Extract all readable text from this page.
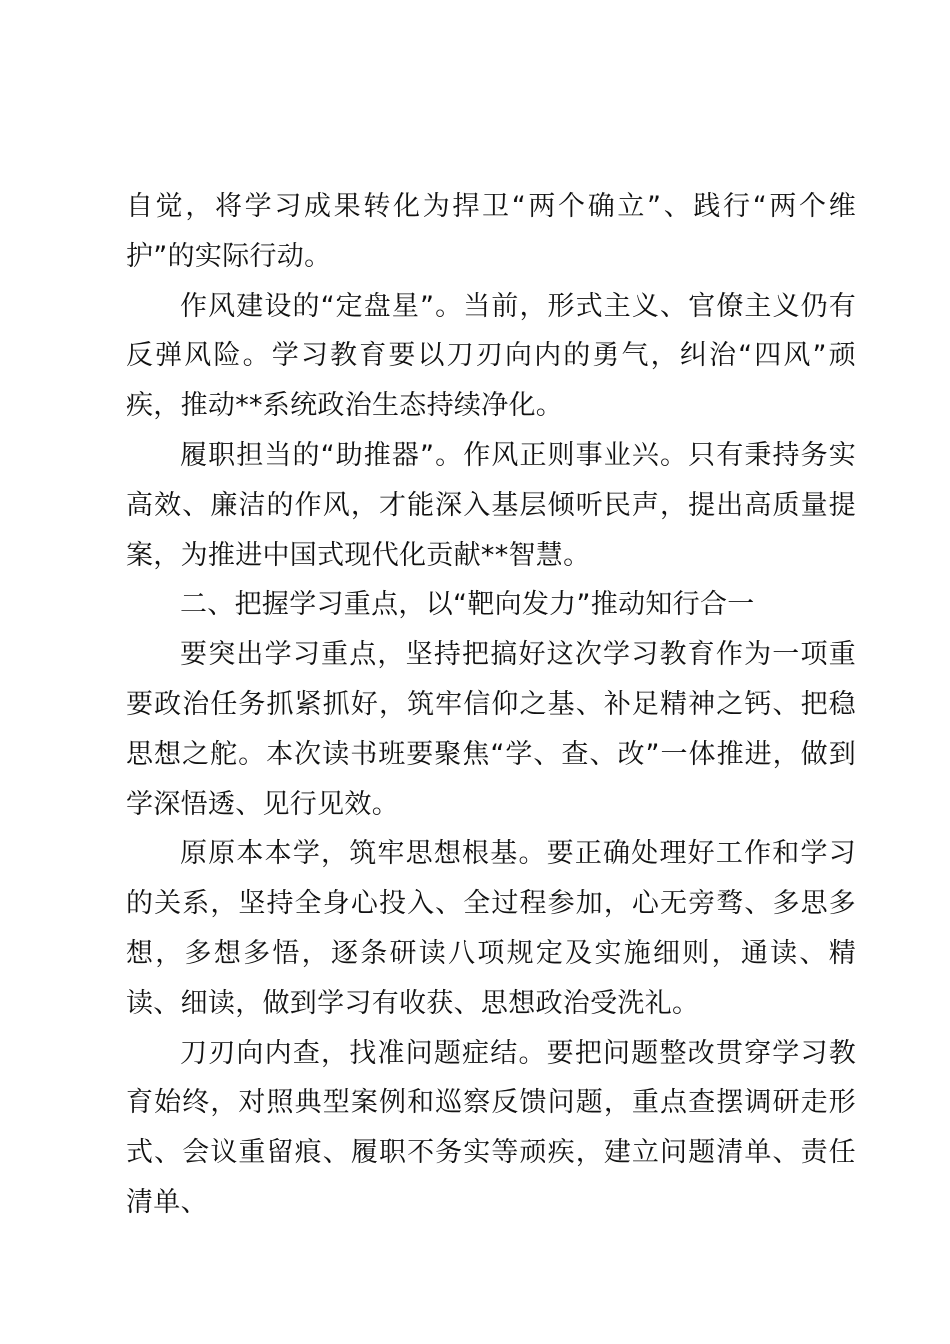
自觉，将学习成果转化为捍卫“两个确立”、践行“两个维护”的实际行动。

作风建设的“定盘星”。当前，形式主义、官僚主义仍有反弹风险。学习教育要以刀刃向内的勇气，纠治“四风”顽疾，推动**系统政治生态持续净化。

履职担当的“助推器”。作风正则事业兴。只有秉持务实高效、廉洁的作风，才能深入基层倾听民声，提出高质量提案，为推进中国式现代化贡献**智慧。

二、把握学习重点，以“靶向发力”推动知行合一

要突出学习重点，坚持把搞好这次学习教育作为一项重要政治任务抓紧抓好，筑牢信仰之基、补足精神之钙、把稳思想之舵。本次读书班要聚焦“学、查、改”一体推进，做到学深悟透、见行见效。

原原本本学，筑牢思想根基。要正确处理好工作和学习的关系，坚持全身心投入、全过程参加，心无旁骛、多思多想，多想多悟，逐条研读八项规定及实施细则，通读、精读、细读，做到学习有收获、思想政治受洗礼。

刀刃向内查，找准问题症结。要把问题整改贯穿学习教育始终，对照典型案例和巡察反馈问题，重点查摆调研走形式、会议重留痕、履职不务实等顽疾，建立问题清单、责任清单、
